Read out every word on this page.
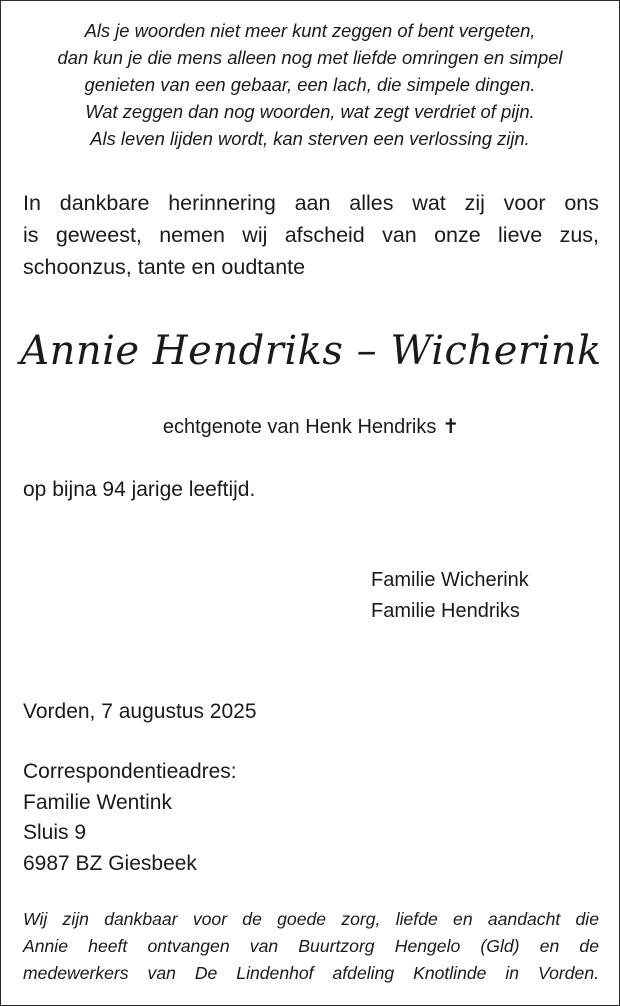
Als je woorden niet meer kunt zeggen of bent vergeten,
dan kun je die mens alleen nog met liefde omringen en simpel
genieten van een gebaar, een lach, die simpele dingen.
Wat zeggen dan nog woorden, wat zegt verdriet of pijn.
Als leven lijden wordt, kan sterven een verlossing zijn.

In dankbare herinnering aan alles wat zij voor ons
is geweest, nemen wij afscheid van onze lieve zus,
schoonzus, tante en oudtante

Annie Hendriks – Wicherink

echtgenote van Henk Hendriks ✝

op bijna 94 jarige leeftijd.

Familie Wicherink
Familie Hendriks

Vorden, 7 augustus 2025

Correspondentieadres:
Familie Wentink
Sluis 9
6987 BZ Giesbeek

Wij zijn dankbaar voor de goede zorg, liefde en aandacht die
Annie heeft ontvangen van Buurtzorg Hengelo (Gld) en de
medewerkers van De Lindenhof afdeling Knotlinde in Vorden.
